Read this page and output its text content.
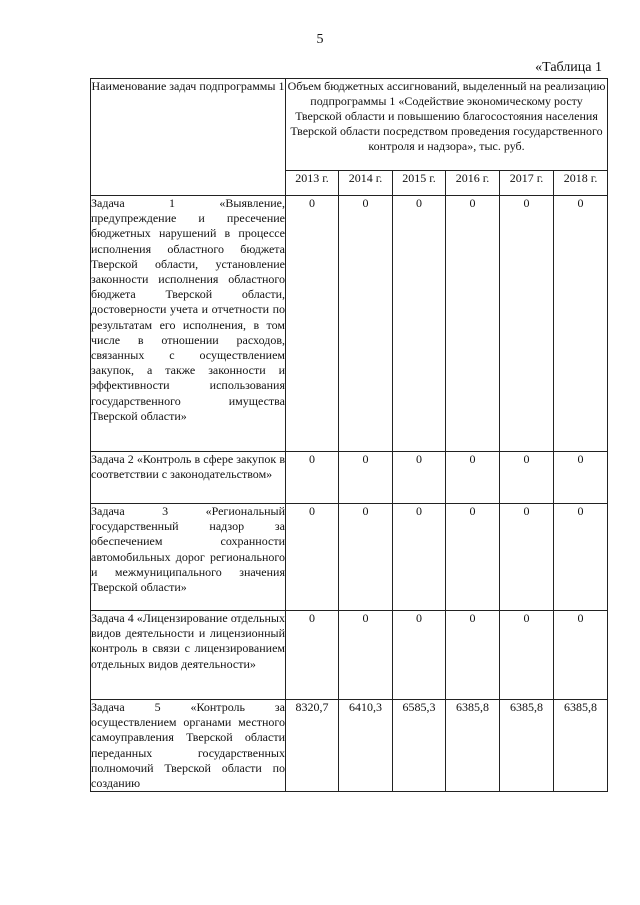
5
«Таблица 1
Наименование задач подпрограммы 1	Объем бюджетных ассигнований, выделенный на реализацию подпрограммы 1 «Содействие экономическому росту Тверской области и повышению благосостояния населения Тверской области посредством проведения государственного контроля и надзора», тыс. руб.					
	2013 г.	2014 г.	2015 г.	2016 г.	2017 г.	2018 г.
Задача 1 «Выявление, предупреждение и пресечение бюджетных нарушений в процессе исполнения областного бюджета Тверской области, установление законности исполнения областного бюджета Тверской области, достоверности учета и отчетности по результатам его исполнения, в том числе в отношении расходов, связанных с осуществлением закупок, а также законности и эффективности использования государственного имущества Тверской области»	0	0	0	0	0	0
Задача 2 «Контроль в сфере закупок в соответствии с законодательством»	0	0	0	0	0	0
Задача 3 «Региональный государственный надзор за обеспечением сохранности автомобильных дорог регионального и межмуниципального значения Тверской области»	0	0	0	0	0	0
Задача 4 «Лицензирование отдельных видов деятельности и лицензионный контроль в связи с лицензированием отдельных видов деятельности»	0	0	0	0	0	0
Задача 5 «Контроль за осуществлением органами местного самоуправления Тверской области переданных государственных полномочий Тверской области по созданию	8320,7	6410,3	6585,3	6385,8	6385,8	6385,8
